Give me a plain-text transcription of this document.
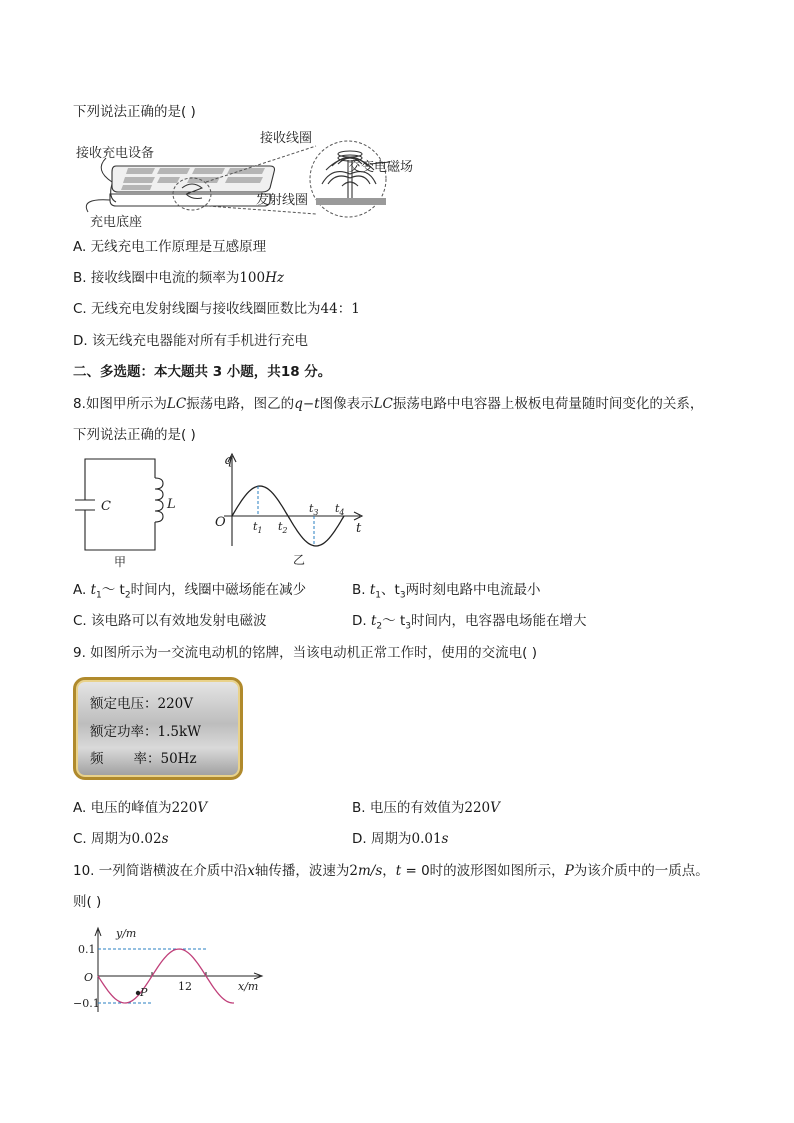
下列说法正确的是( )
接收充电设备
充电底座
接收线圈
交变电磁场
发射线圈
A. 无线充电工作原理是互感原理
B. 接收线圈中电流的频率为100Hz
C. 无线充电发射线圈与接收线圈匝数比为44：1
D. 该无线充电器能对所有手机进行充电
二、多选题：本大题共 3 小题，共18 分。
8.如图甲所示为LC振荡电路，图乙的q−t图像表示LC振荡电路中电容器上极板电荷量随时间变化的关系，
下列说法正确的是( )
C	L
甲
q
t
O $t_1$ $t_2$
$t_3$ $t_4$
乙
A. $t_1\sim$ $t_2$时间内，线圈中磁场能在减少	B. $t_1$、$t_3$两时刻电路中电流最小
C. 该电路可以有效地发射电磁波	D. $t_2\sim$ $t_3$时间内，电容器电场能在增大
9. 如图所示为一交流电动机的铭牌，当该电动机正常工作时，使用的交流电( )
额定电压：220V
额定功率：1.5kW
频 率：50Hz
A. 电压的峰值为220V	B. 电压的有效值为220V
C. 周期为0.02s	D. 周期为0.01s
10. 一列简谐横波在介质中沿x轴传播，波速为2m/s，t = 0时的波形图如图所示，P为该介质中的一质点。
则( )
y/m
x/m
O
0.1
−0.1
12
P
